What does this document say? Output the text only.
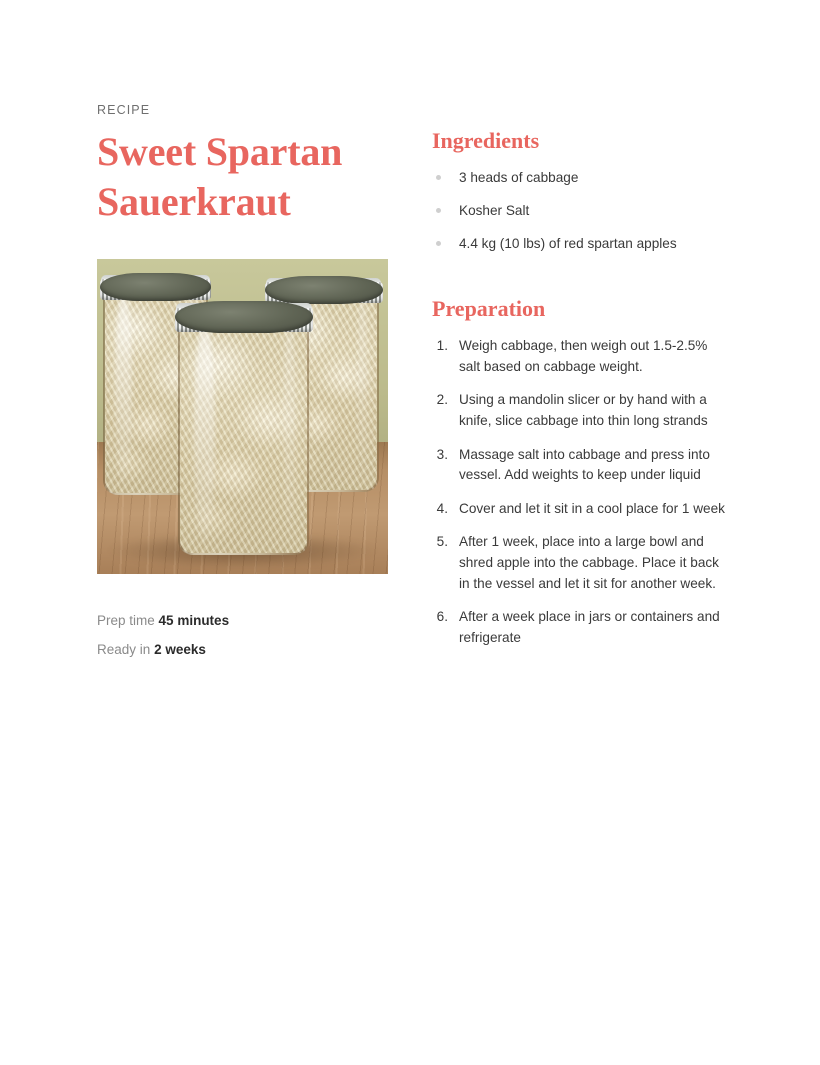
RECIPE
Sweet Spartan Sauerkraut
Prep time 45 minutes
Ready in 2 weeks
Ingredients
3 heads of cabbage
Kosher Salt
4.4 kg (10 lbs) of red spartan apples
Preparation
1. Weigh cabbage, then weigh out 1.5-2.5% salt based on cabbage weight.
2. Using a mandolin slicer or by hand with a knife, slice cabbage into thin long strands
3. Massage salt into cabbage and press into vessel. Add weights to keep under liquid
4. Cover and let it sit in a cool place for 1 week
5. After 1 week, place into a large bowl and shred apple into the cabbage. Place it back in the vessel and let it sit for another week.
6. After a week place in jars or containers and refrigerate
